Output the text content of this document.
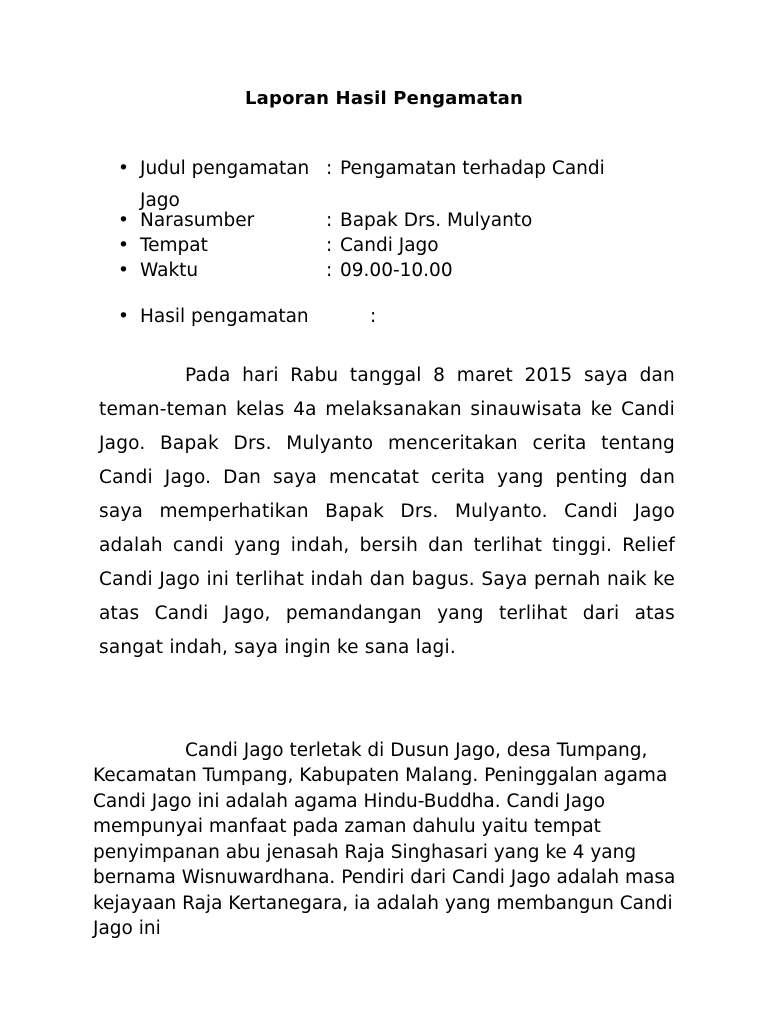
Laporan Hasil Pengamatan
• Judul pengamatan : Pengamatan terhadap Candi
Jago
• Narasumber	: Bapak Drs. Mulyanto
• Tempat	: Candi Jago
• Waktu	: 09.00-10.00
• Hasil pengamatan	:

Pada hari Rabu tanggal 8 maret 2015 saya dan teman-teman kelas 4a melaksanakan sinauwisata ke Candi Jago. Bapak Drs. Mulyanto menceritakan cerita tentang Candi Jago. Dan saya mencatat cerita yang penting dan saya memperhatikan Bapak Drs. Mulyanto. Candi Jago adalah candi yang indah, bersih dan terlihat tinggi. Relief Candi Jago ini terlihat indah dan bagus. Saya pernah naik ke atas Candi Jago, pemandangan yang terlihat dari atas sangat indah, saya ingin ke sana lagi.

Candi Jago terletak di Dusun Jago, desa Tumpang, Kecamatan Tumpang, Kabupaten Malang. Peninggalan agama Candi Jago ini adalah agama Hindu-Buddha. Candi Jago mempunyai manfaat pada zaman dahulu yaitu tempat penyimpanan abu jenasah Raja Singhasari yang ke 4 yang bernama Wisnuwardhana. Pendiri dari Candi Jago adalah masa kejayaan Raja Kertanegara, ia adalah yang membangun Candi Jago ini
